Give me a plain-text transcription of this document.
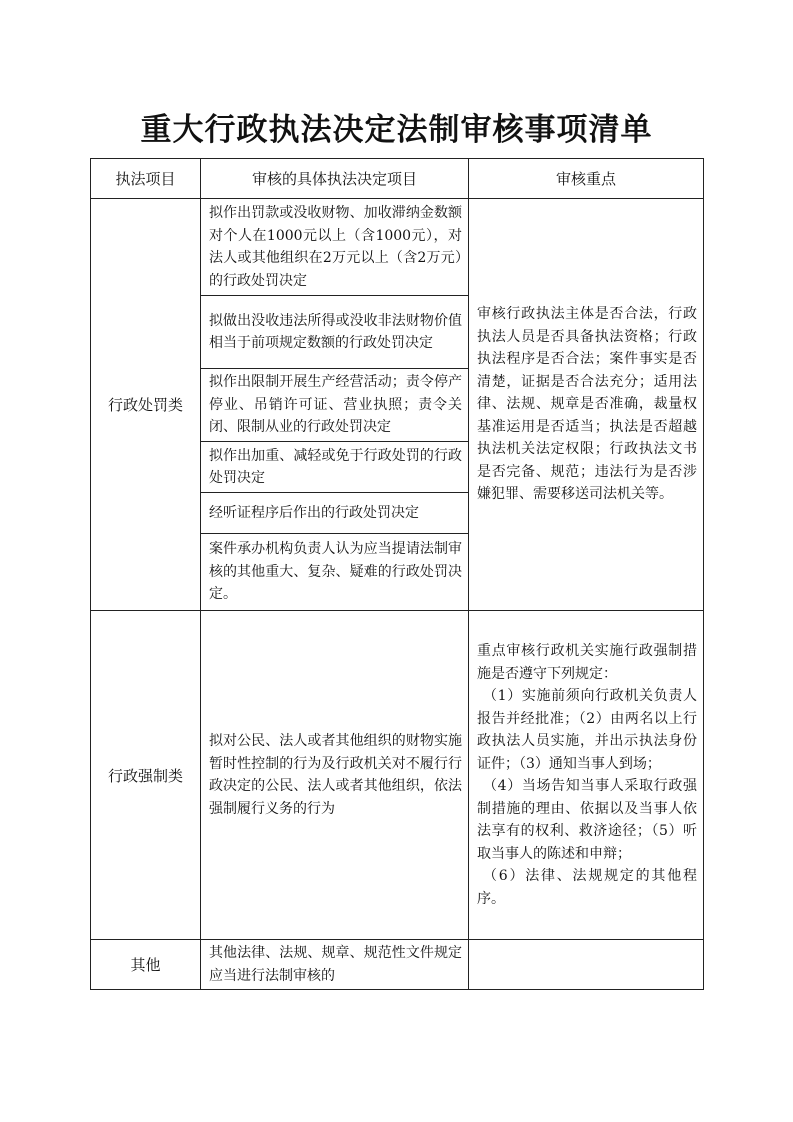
重大行政执法决定法制审核事项清单
执法项目	审核的具体执法决定项目	审核重点
行政处罚类	拟作出罚款或没收财物、加收滞纳金数额对个人在1000元以上（含1000元），对法人或其他组织在2万元以上（含2万元）的行政处罚决定	审核行政执法主体是否合法，行政执法人员是否具备执法资格；行政执法程序是否合法；案件事实是否清楚，证据是否合法充分；适用法律、法规、规章是否准确，裁量权基准运用是否适当；执法是否超越执法机关法定权限；行政执法文书是否完备、规范；违法行为是否涉嫌犯罪、需要移送司法机关等。
	拟做出没收违法所得或没收非法财物价值相当于前项规定数额的行政处罚决定	
	拟作出限制开展生产经营活动；责令停产停业、吊销许可证、营业执照；责令关闭、限制从业的行政处罚决定	
	拟作出加重、减轻或免于行政处罚的行政处罚决定	
	经听证程序后作出的行政处罚决定	
	案件承办机构负责人认为应当提请法制审核的其他重大、复杂、疑难的行政处罚决定。	
行政强制类	拟对公民、法人或者其他组织的财物实施暂时性控制的行为及行政机关对不履行行政决定的公民、法人或者其他组织，依法强制履行义务的行为	重点审核行政机关实施行政强制措施是否遵守下列规定：
（1）实施前须向行政机关负责人报告并经批准；（2）由两名以上行政执法人员实施，并出示执法身份证件；（3）通知当事人到场；
（4）当场告知当事人采取行政强制措施的理由、依据以及当事人依法享有的权利、救济途径；（5）听取当事人的陈述和申辩；
（6）法律、法规规定的其他程序。

其他	其他法律、法规、规章、规范性文件规定应当进行法制审核的	
